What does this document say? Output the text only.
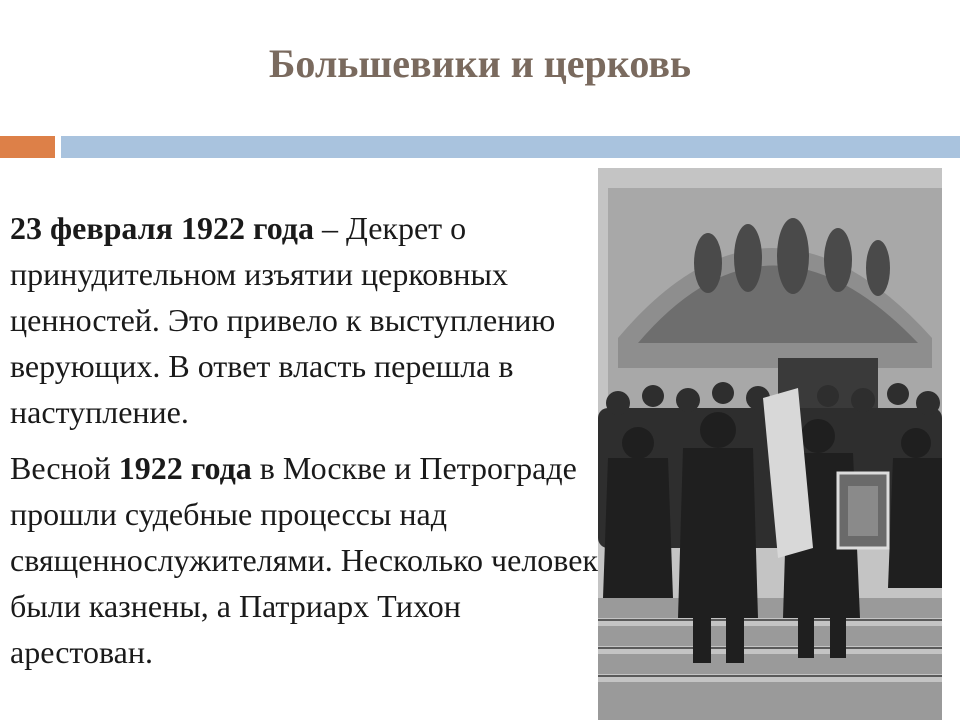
Большевики и церковь

23 февраля 1922 года – Декрет о принудительном изъятии церковных ценностей. Это привело к выступлению верующих. В ответ власть перешла в наступление.

Весной 1922 года в Москве и Петрограде прошли судебные процессы над священнослужителями. Несколько человек были казнены, а Патриарх Тихон арестован.
